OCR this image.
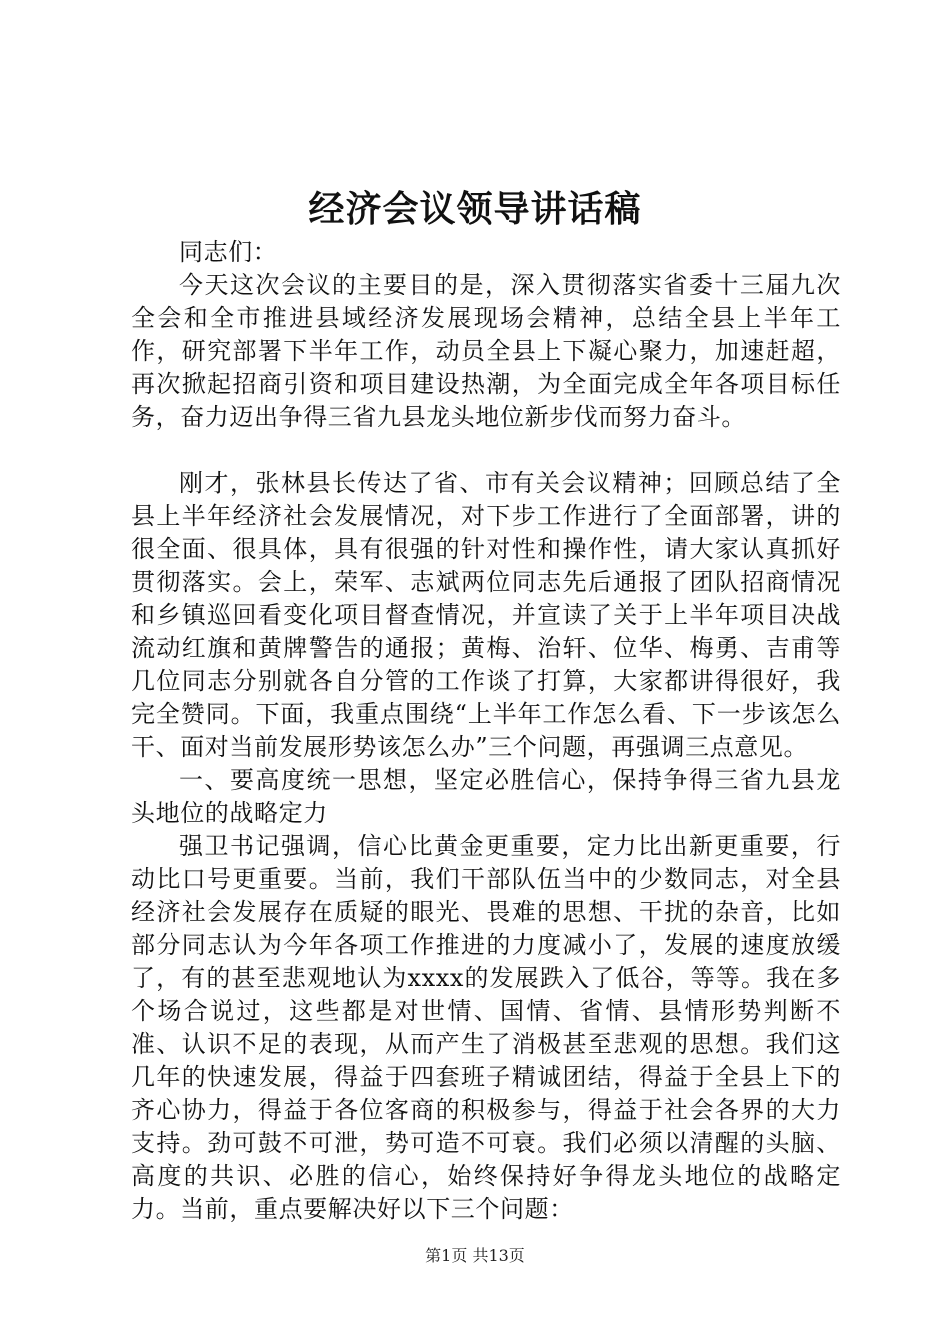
经济会议领导讲话稿

同志们：

今天这次会议的主要目的是，深入贯彻落实省委十三届九次全会和全市推进县域经济发展现场会精神，总结全县上半年工作，研究部署下半年工作，动员全县上下凝心聚力，加速赶超，再次掀起招商引资和项目建设热潮，为全面完成全年各项目标任务，奋力迈出争得三省九县龙头地位新步伐而努力奋斗。

刚才，张林县长传达了省、市有关会议精神；回顾总结了全县上半年经济社会发展情况，对下步工作进行了全面部署，讲的很全面、很具体，具有很强的针对性和操作性，请大家认真抓好贯彻落实。会上，荣军、志斌两位同志先后通报了团队招商情况和乡镇巡回看变化项目督查情况，并宣读了关于上半年项目决战流动红旗和黄牌警告的通报；黄梅、治轩、位华、梅勇、吉甫等几位同志分别就各自分管的工作谈了打算，大家都讲得很好，我完全赞同。下面，我重点围绕“上半年工作怎么看、下一步该怎么干、面对当前发展形势该怎么办”三个问题，再强调三点意见。

一、要高度统一思想，坚定必胜信心，保持争得三省九县龙头地位的战略定力

强卫书记强调，信心比黄金更重要，定力比出新更重要，行动比口号更重要。当前，我们干部队伍当中的少数同志，对全县经济社会发展存在质疑的眼光、畏难的思想、干扰的杂音，比如部分同志认为今年各项工作推进的力度减小了，发展的速度放缓了，有的甚至悲观地认为xxxx的发展跌入了低谷，等等。我在多个场合说过，这些都是对世情、国情、省情、县情形势判断不准、认识不足的表现，从而产生了消极甚至悲观的思想。我们这几年的快速发展，得益于四套班子精诚团结，得益于全县上下的齐心协力，得益于各位客商的积极参与，得益于社会各界的大力支持。劲可鼓不可泄，势可造不可衰。我们必须以清醒的头脑、高度的共识、必胜的信心，始终保持好争得龙头地位的战略定力。当前，重点要解决好以下三个问题：

第1页 共13页
